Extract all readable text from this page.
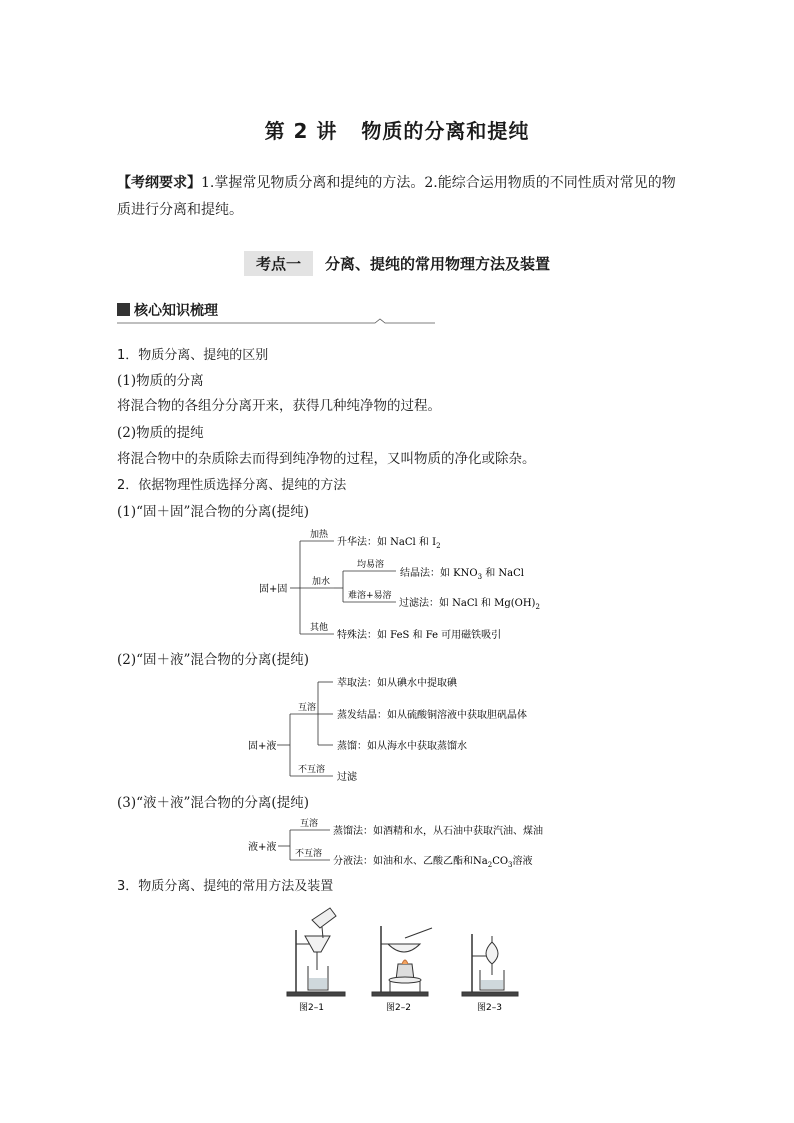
第 2 讲 物质的分离和提纯
【考纲要求】1.掌握常见物质分离和提纯的方法。2.能综合运用物质的不同性质对常见的物质进行分离和提纯。
考点一 分离、提纯的常用物理方法及装置
核心知识梳理
1．物质分离、提纯的区别
(1)物质的分离
将混合物的各组分分离开来，获得几种纯净物的过程。
(2)物质的提纯
将混合物中的杂质除去而得到纯净物的过程，又叫物质的净化或除杂。
2．依据物理性质选择分离、提纯的方法
(1)“固＋固”混合物的分离(提纯)
(2)“固＋液”混合物的分离(提纯)
(3)“液＋液”混合物的分离(提纯)
3．物质分离、提纯的常用方法及装置
固+固
加热
升华法：如 NaCl 和 $I_2$
加水
均易溶
结晶法：如 $KNO_3$ 和 NaCl
难溶+易溶
过滤法：如 NaCl 和 $Mg(OH)_2$
其他
特殊法：如 FeS 和 Fe 可用磁铁吸引
固+液
互溶
萃取法：如从碘水中提取碘
蒸发结晶：如从硫酸铜溶液中获取胆矾晶体
蒸馏：如从海水中获取蒸馏水
不互溶
过滤
液+液
互溶
蒸馏法：如酒精和水，从石油中获取汽油、煤油
不互溶
分液法：如油和水、乙酸乙酯和$Na_2CO_3$溶液
图2–1	图2–2	图2–3
